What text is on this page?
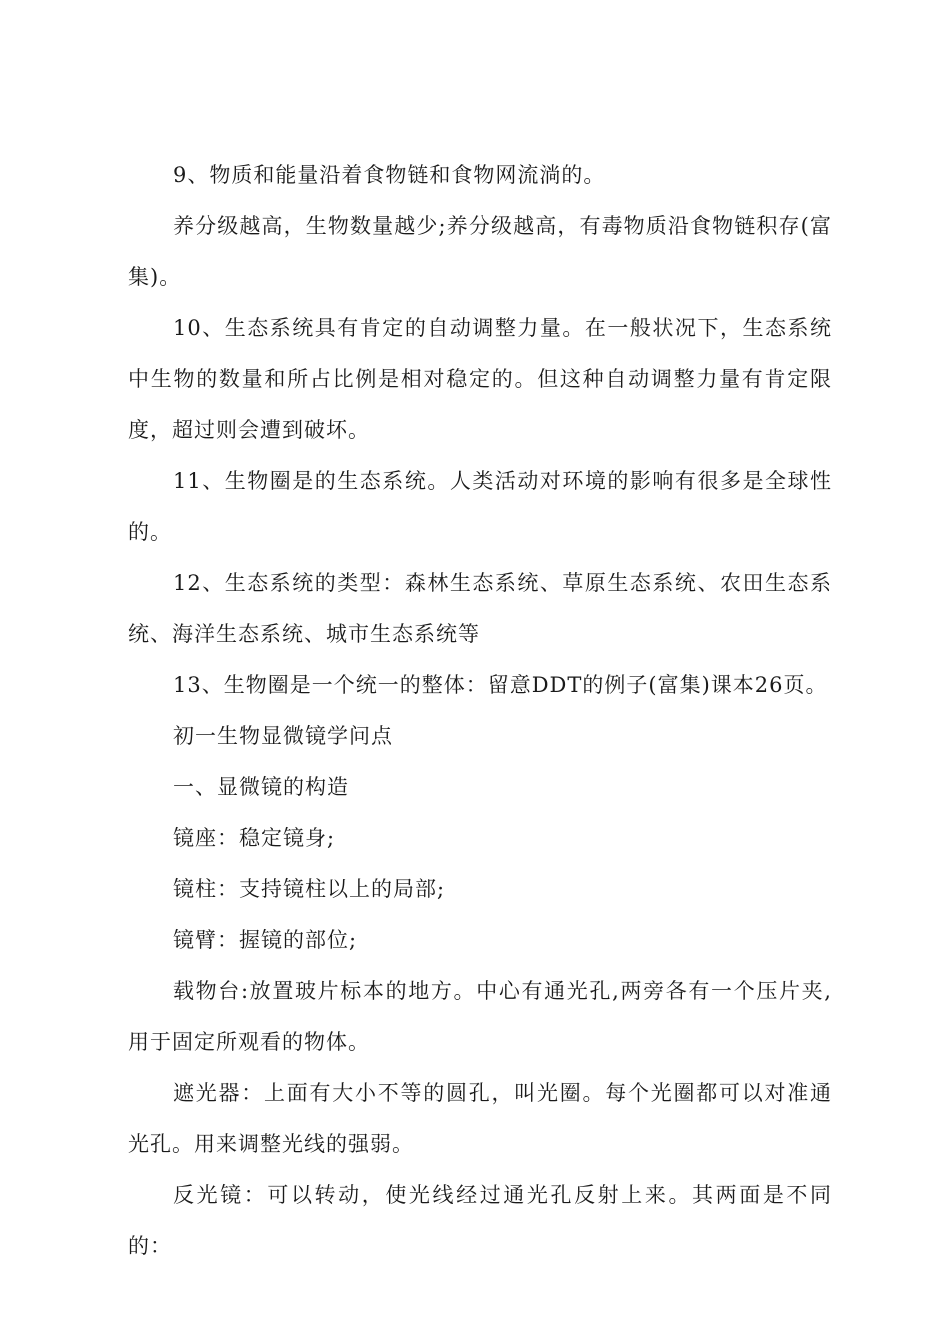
9、物质和能量沿着食物链和食物网流淌的。

养分级越高，生物数量越少;养分级越高，有毒物质沿食物链积存(富集)。

10、生态系统具有肯定的自动调整力量。在一般状况下，生态系统中生物的数量和所占比例是相对稳定的。但这种自动调整力量有肯定限度，超过则会遭到破坏。

11、生物圈是的生态系统。人类活动对环境的影响有很多是全球性的。

12、生态系统的类型：森林生态系统、草原生态系统、农田生态系统、海洋生态系统、城市生态系统等

13、生物圈是一个统一的整体：留意DDT的例子(富集)课本26页。

初一生物显微镜学问点

一、显微镜的构造

镜座：稳定镜身;

镜柱：支持镜柱以上的局部;

镜臂：握镜的部位;

载物台:放置玻片标本的地方。中心有通光孔,两旁各有一个压片夹,用于固定所观看的物体。

遮光器：上面有大小不等的圆孔，叫光圈。每个光圈都可以对准通光孔。用来调整光线的强弱。

反光镜：可以转动，使光线经过通光孔反射上来。其两面是不同的：
